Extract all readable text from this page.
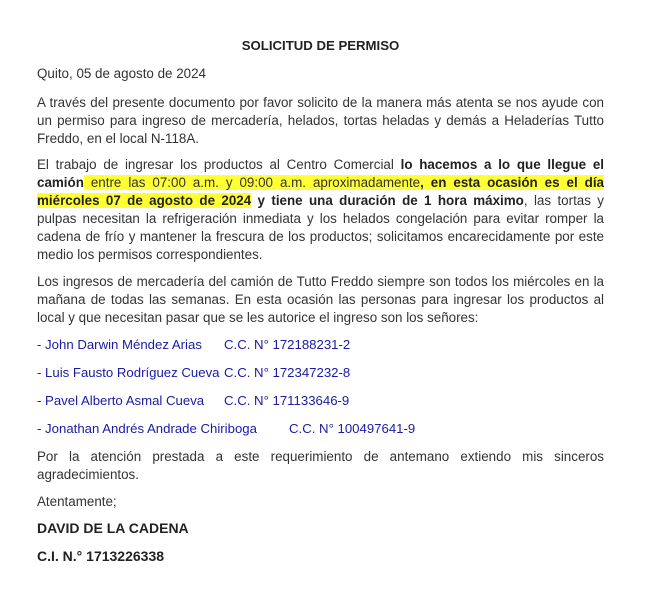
SOLICITUD DE PERMISO

Quito, 05 de agosto de 2024

A través del presente documento por favor solicito de la manera más atenta se nos ayude con un permiso para ingreso de mercadería, helados, tortas heladas y demás a Heladerías Tutto Freddo, en el local N-118A.

El trabajo de ingresar los productos al Centro Comercial lo hacemos a lo que llegue el camión entre las 07:00 a.m. y 09:00 a.m. aproximadamente, en esta ocasión es el día miércoles 07 de agosto de 2024 y tiene una duración de 1 hora máximo, las tortas y pulpas necesitan la refrigeración inmediata y los helados congelación para evitar romper la cadena de frío y mantener la frescura de los productos; solicitamos encarecidamente por este medio los permisos correspondientes.

Los ingresos de mercadería del camión de Tutto Freddo siempre son todos los miércoles en la mañana de todas las semanas. En esta ocasión las personas para ingresar los productos al local y que necesitan pasar que se les autorice el ingreso son los señores:

- John Darwin Méndez Arias C.C. N° 172188231-2
- Luis Fausto Rodríguez Cueva C.C. N° 172347232-8
- Pavel Alberto Asmal Cueva C.C. N° 171133646-9
- Jonathan Andrés Andrade Chiriboga C.C. N° 100497641-9

Por la atención prestada a este requerimiento de antemano extiendo mis sinceros agradecimientos.

Atentamente;

DAVID DE LA CADENA
C.I. N.° 1713226338
